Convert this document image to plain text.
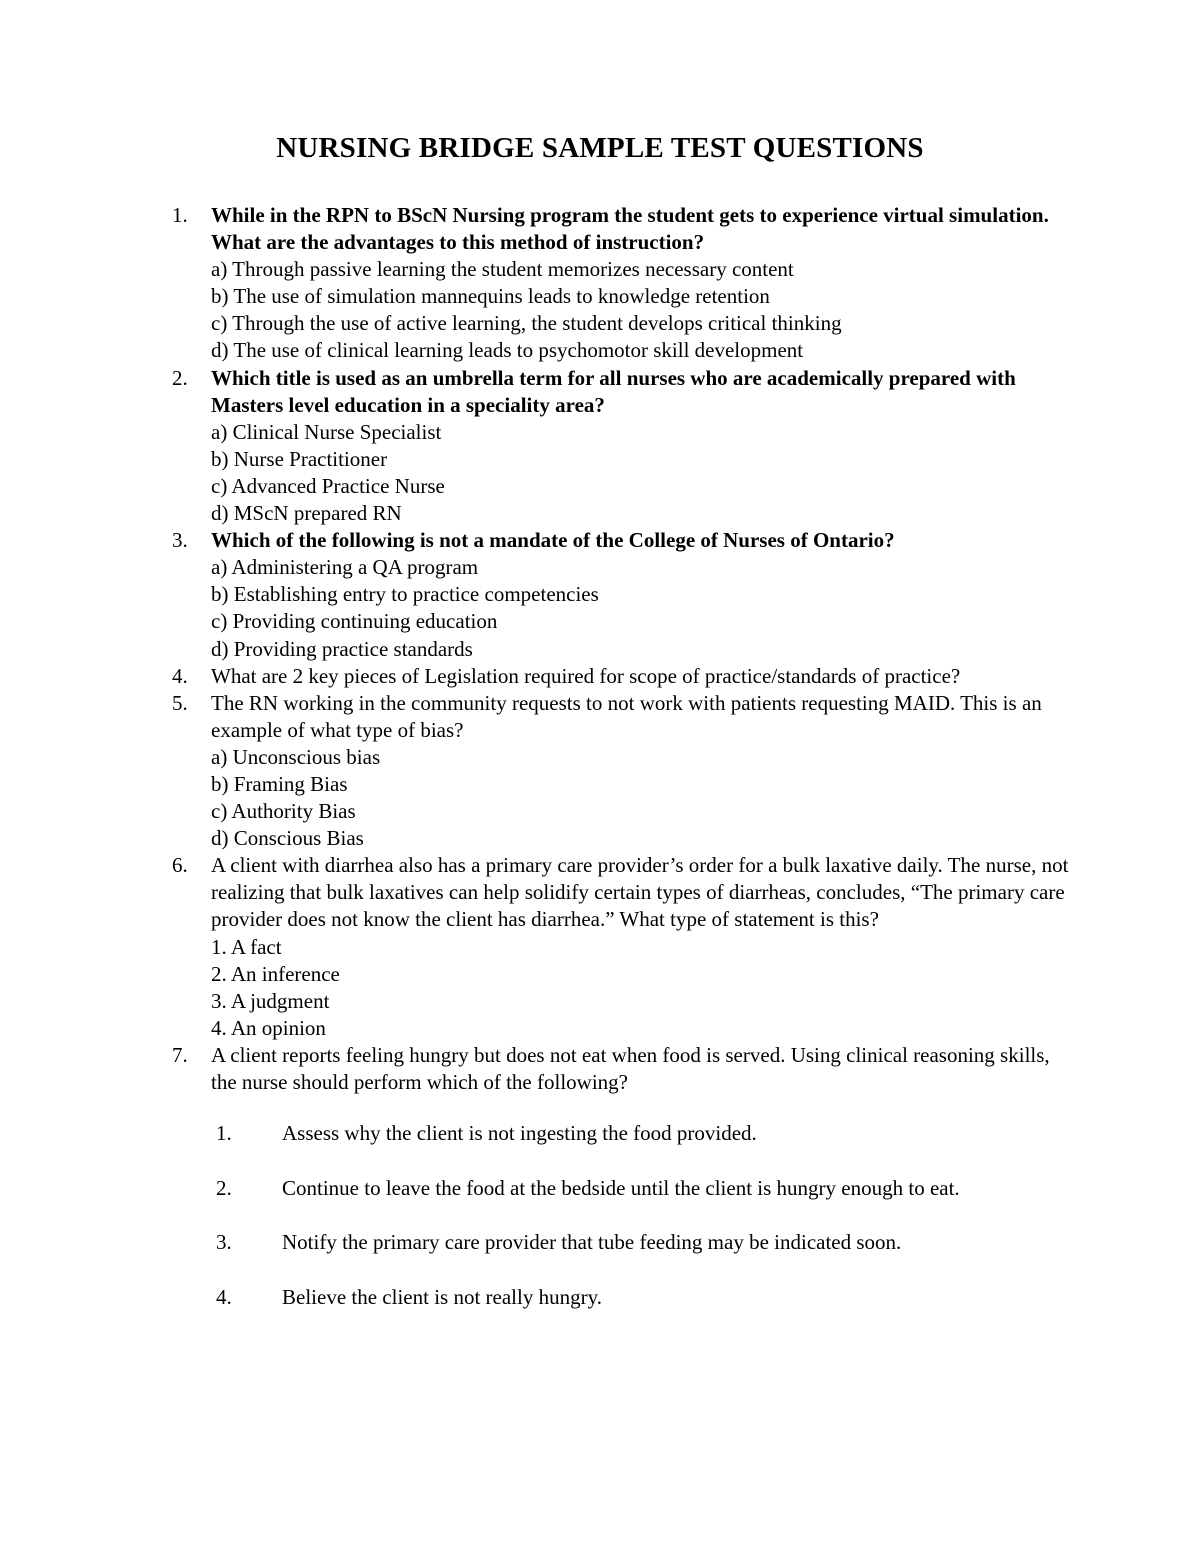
NURSING BRIDGE SAMPLE TEST QUESTIONS
1. While in the RPN to BScN Nursing program the student gets to experience virtual simulation. What are the advantages to this method of instruction?
a) Through passive learning the student memorizes necessary content
b) The use of simulation mannequins leads to knowledge retention
c) Through the use of active learning, the student develops critical thinking
d) The use of clinical learning leads to psychomotor skill development
2. Which title is used as an umbrella term for all nurses who are academically prepared with Masters level education in a speciality area?
a) Clinical Nurse Specialist
b) Nurse Practitioner
c) Advanced Practice Nurse
d) MScN prepared RN
3. Which of the following is not a mandate of the College of Nurses of Ontario?
a) Administering a QA program
b) Establishing entry to practice competencies
c) Providing continuing education
d) Providing practice standards
4. What are 2 key pieces of Legislation required for scope of practice/standards of practice?
5. The RN working in the community requests to not work with patients requesting MAID. This is an example of what type of bias?
a) Unconscious bias
b) Framing Bias
c) Authority Bias
d) Conscious Bias
6. A client with diarrhea also has a primary care provider’s order for a bulk laxative daily. The nurse, not realizing that bulk laxatives can help solidify certain types of diarrheas, concludes, “The primary care provider does not know the client has diarrhea.” What type of statement is this?
1. A fact
2. An inference
3. A judgment
4. An opinion
7. A client reports feeling hungry but does not eat when food is served. Using clinical reasoning skills, the nurse should perform which of the following?
1. Assess why the client is not ingesting the food provided.
2. Continue to leave the food at the bedside until the client is hungry enough to eat.
3. Notify the primary care provider that tube feeding may be indicated soon.
4. Believe the client is not really hungry.
